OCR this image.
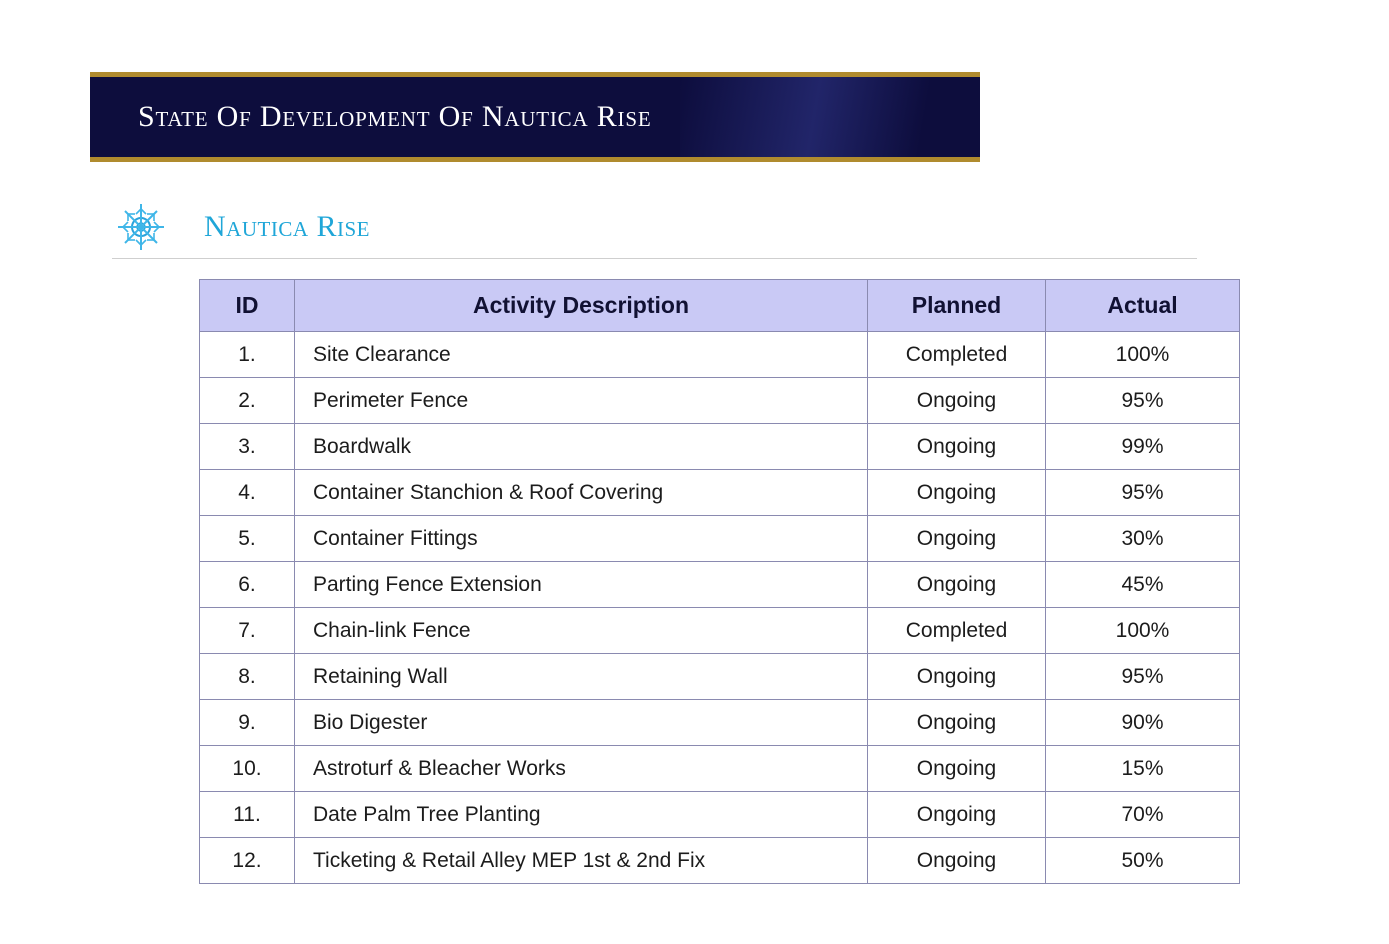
State Of Development Of Nautica Rise
Nautica Rise
ID	Activity Description	Planned	Actual
1.	Site Clearance	Completed	100%
2.	Perimeter Fence	Ongoing	95%
3.	Boardwalk	Ongoing	99%
4.	Container Stanchion & Roof Covering	Ongoing	95%
5.	Container Fittings	Ongoing	30%
6.	Parting Fence Extension	Ongoing	45%
7.	Chain-link Fence	Completed	100%
8.	Retaining Wall	Ongoing	95%
9.	Bio Digester	Ongoing	90%
10.	Astroturf & Bleacher Works	Ongoing	15%
11.	Date Palm Tree Planting	Ongoing	70%
12.	Ticketing & Retail Alley MEP 1st & 2nd Fix	Ongoing	50%
